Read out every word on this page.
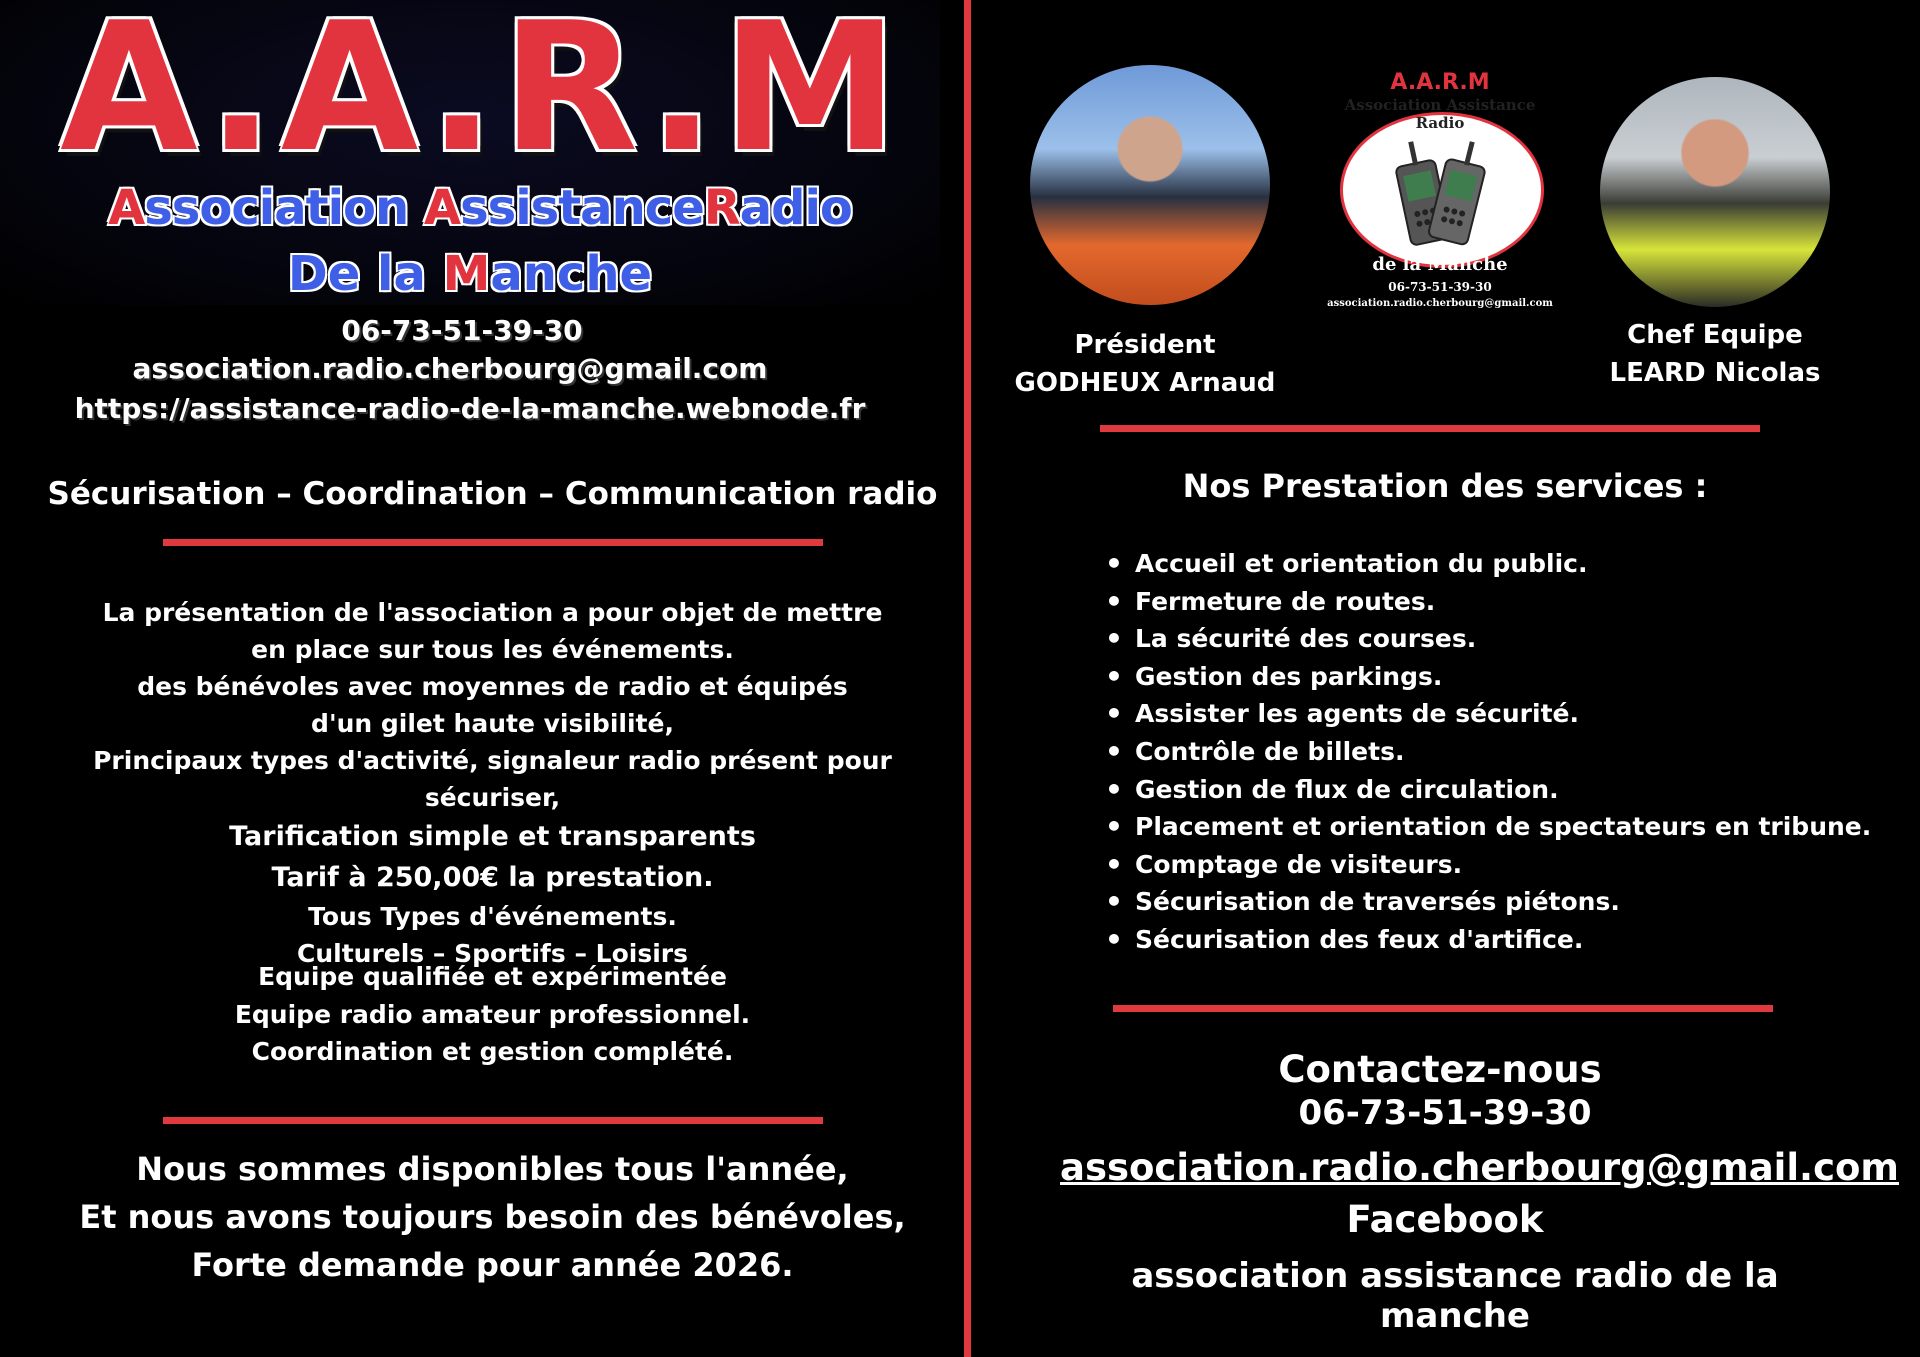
A.A.R.M
Association AssistanceRadio
De la Manche
06-73-51-39-30
association.radio.cherbourg@gmail.com
https://assistance-radio-de-la-manche.webnode.fr
Sécurisation – Coordination – Communication radio
La présentation de l'association a pour objet de mettre
en place sur tous les événements.
des bénévoles avec moyennes de radio et équipés
d'un gilet haute visibilité,
Principaux types d'activité, signaleur radio présent pour sécuriser,
Tarification simple et transparents
Tarif à 250,00€ la prestation.
Tous Types d'événements.
Culturels – Sportifs – Loisirs
Equipe qualifiée et expérimentée
Equipe radio amateur professionnel.
Coordination et gestion complété.
Nous sommes disponibles tous l'année,
Et nous avons toujours besoin des bénévoles,
Forte demande pour année 2026.
Président
GODHEUX Arnaud
A.A.R.M
Association Assistance Radio
de la Manche
06-73-51-39-30
association.radio.cherbourg@gmail.com
Chef Equipe
LEARD Nicolas
Nos Prestation des services :
• Accueil et orientation du public.
• Fermeture de routes.
• La sécurité des courses.
• Gestion des parkings.
• Assister les agents de sécurité.
• Contrôle de billets.
• Gestion de flux de circulation.
• Placement et orientation de spectateurs en tribune.
• Comptage de visiteurs.
• Sécurisation de traversés piétons.
• Sécurisation des feux d'artifice.
Contactez-nous
06-73-51-39-30
association.radio.cherbourg@gmail.com
Facebook
association assistance radio de la manche
